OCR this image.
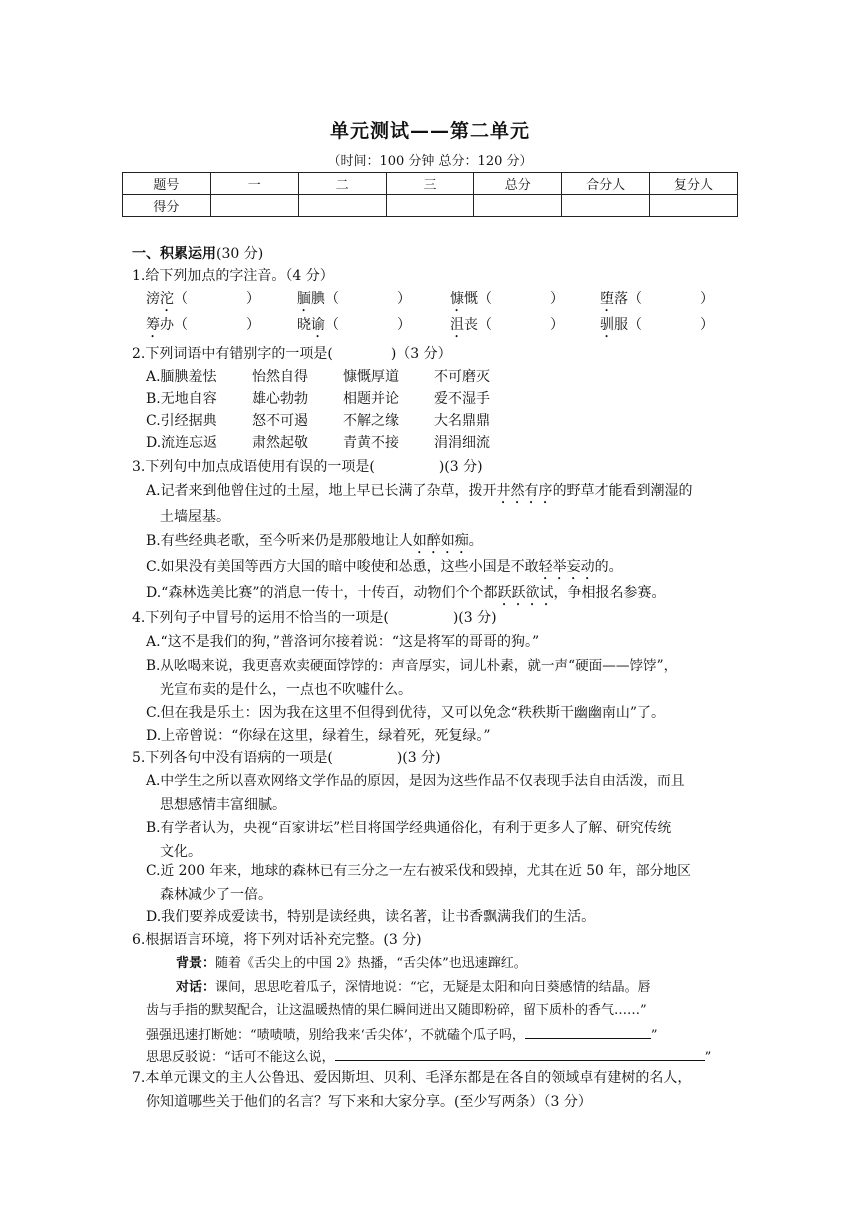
单元测试——第二单元
（时间：100 分钟 总分：120 分）
题号	一	二	三	总分	合分人	复分人
得分						
一、积累运用(30 分)
1.给下列加点的字注音。（4 分）
滂沱（	）	腼腆（	）	慷慨（	）	堕落（	）
筹办（	）	晓谕（	）	沮丧（	）	驯服（	）
2.下列词语中有错别字的一项是(	)（3 分）
A.腼腆羞怯	怡然自得	慷慨厚道	不可磨灭
B.无地自容	雄心勃勃	相题并论	爱不湿手
C.引经据典	怒不可遏	不解之缘	大名鼎鼎
D.流连忘返 肃然起敬	青黄不接	涓涓细流
3.下列句中加点成语使用有误的一项是(	)(3 分)
A.记者来到他曾住过的土屋，地上早已长满了杂草，拨开井然有序的野草才能看到潮湿的
土墙屋基。
B.有些经典老歌，至今听来仍是那般地让人如醉如痴。
C.如果没有美国等西方大国的暗中唆使和怂恿，这些小国是不敢轻举妄动的。
D.“森林选美比赛”的消息一传十，十传百，动物们个个都跃跃欲试，争相报名参赛。
4.下列句子中冒号的运用不恰当的一项是(	)(3 分)
A.“这不是我们的狗，”普洛诃尔接着说：“这是将军的哥哥的狗。”
B.从吆喝来说，我更喜欢卖硬面饽饽的：声音厚实，词儿朴素，就一声“硬面——饽饽”，
光宣布卖的是什么，一点也不吹嘘什么。
C.但在我是乐土：因为我在这里不但得到优待，又可以免念“秩秩斯干幽幽南山”了。
D.上帝曾说：“你绿在这里，绿着生，绿着死，死复绿。”
5.下列各句中没有语病的一项是(	)(3 分)
A.中学生之所以喜欢网络文学作品的原因，是因为这些作品不仅表现手法自由活泼，而且
思想感情丰富细腻。
B.有学者认为，央视“百家讲坛”栏目将国学经典通俗化，有利于更多人了解、研究传统
文化。
C.近 200 年来，地球的森林已有三分之一左右被采伐和毁掉，尤其在近 50 年，部分地区
森林减少了一倍。
D.我们要养成爱读书，特别是读经典，读名著，让书香飘满我们的生活。
6.根据语言环境，将下列对话补充完整。(3 分)
背景：随着《舌尖上的中国 2》热播，“舌尖体”也迅速蹿红。
对话：课间，思思吃着瓜子，深情地说：“它，无疑是太阳和向日葵感情的结晶。唇
齿与手指的默契配合，让这温暖热情的果仁瞬间迸出又随即粉碎，留下质朴的香气……”
强强迅速打断她：“啧啧啧，别给我来‘舌尖体’，不就磕个瓜子吗，	”
思思反驳说：“话可不能这么说，	”
7.本单元课文的主人公鲁迅、爱因斯坦、贝利、毛泽东都是在各自的领域卓有建树的名人，
你知道哪些关于他们的名言？写下来和大家分享。(至少写两条）（3 分）
